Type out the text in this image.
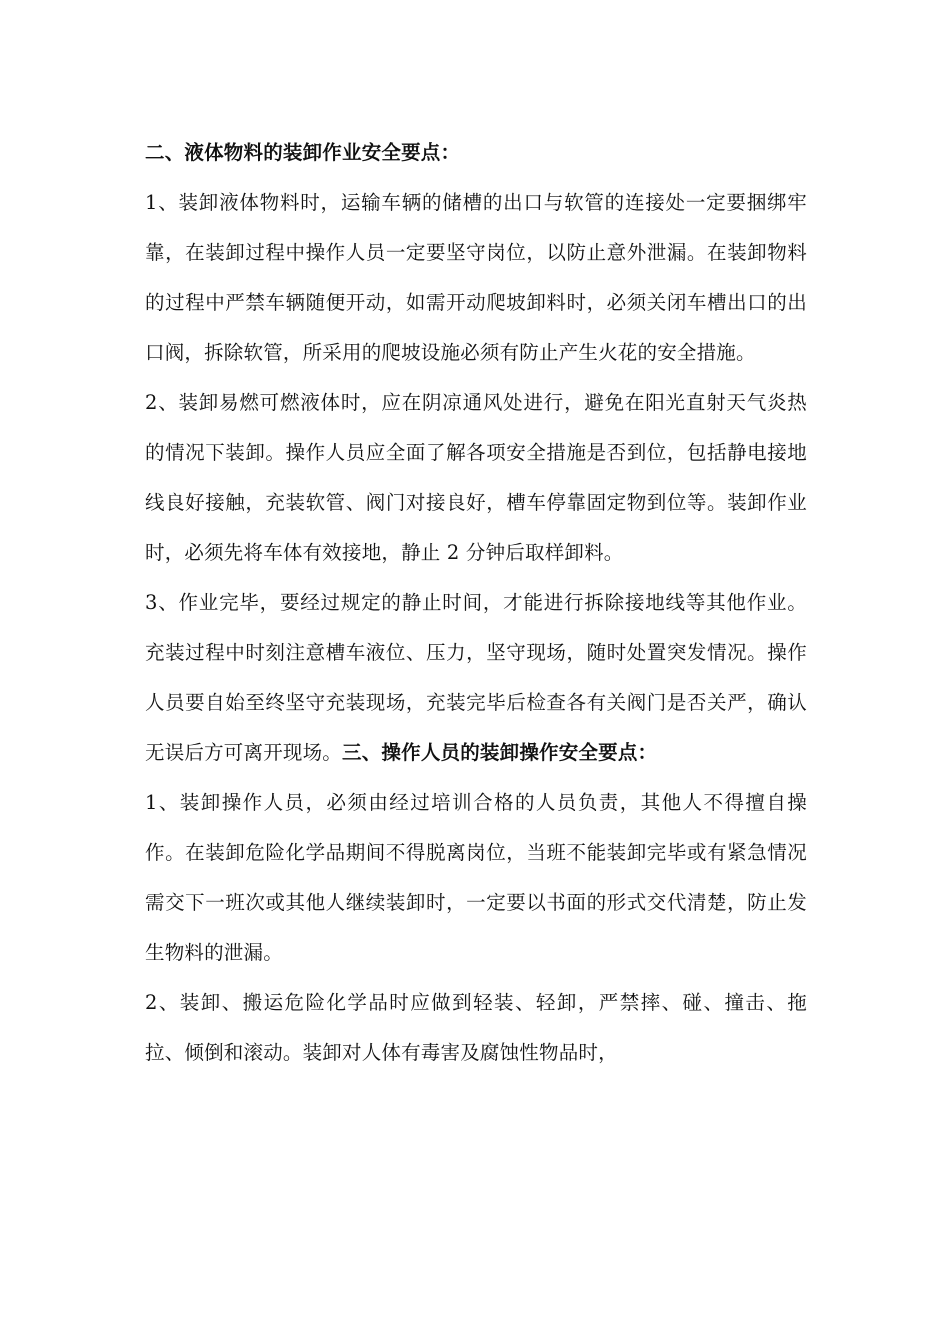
二、液体物料的装卸作业安全要点：

1、装卸液体物料时，运输车辆的储槽的出口与软管的连接处一定要捆绑牢靠，在装卸过程中操作人员一定要坚守岗位，以防止意外泄漏。在装卸物料的过程中严禁车辆随便开动，如需开动爬坡卸料时，必须关闭车槽出口的出口阀，拆除软管，所采用的爬坡设施必须有防止产生火花的安全措施。

2、装卸易燃可燃液体时，应在阴凉通风处进行，避免在阳光直射天气炎热的情况下装卸。操作人员应全面了解各项安全措施是否到位，包括静电接地线良好接触，充装软管、阀门对接良好，槽车停靠固定物到位等。装卸作业时，必须先将车体有效接地，静止 2 分钟后取样卸料。

3、作业完毕，要经过规定的静止时间，才能进行拆除接地线等其他作业。充装过程中时刻注意槽车液位、压力，坚守现场，随时处置突发情况。操作人员要自始至终坚守充装现场，充装完毕后检查各有关阀门是否关严，确认无误后方可离开现场。三、操作人员的装卸操作安全要点：

1、装卸操作人员，必须由经过培训合格的人员负责，其他人不得擅自操作。在装卸危险化学品期间不得脱离岗位，当班不能装卸完毕或有紧急情况需交下一班次或其他人继续装卸时，一定要以书面的形式交代清楚，防止发生物料的泄漏。

2、装卸、搬运危险化学品时应做到轻装、轻卸，严禁摔、碰、撞击、拖拉、倾倒和滚动。装卸对人体有毒害及腐蚀性物品时，
